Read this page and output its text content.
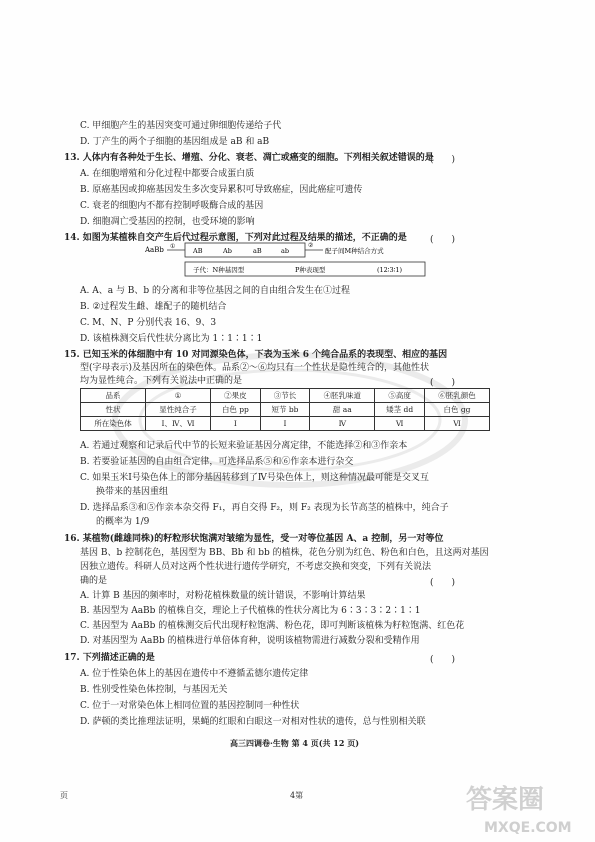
C. 甲细胞产生的基因突变可通过卵细胞传递给子代
D. 丁产生的两个子细胞的基因组成是 aB 和 aB
13. 人体内有各种处于生长、增殖、分化、衰老、凋亡或癌变的细胞。下列相关叙述错误的是
(　　)
A. 在细胞增殖和分化过程中都要合成蛋白质
B. 原癌基因或抑癌基因发生多次变异累积可导致癌症，因此癌症可遗传
C. 衰老的细胞内不都有控制呼吸酶合成的基因
D. 细胞凋亡受基因的控制，也受环境的影响
14. 如图为某植株自交产生后代过程示意图，下列对此过程及结果的描述，不正确的是	(　　)
AaBb ①
AB	Ab	aB	ab
②
配子间M种结合方式
子代：N种基因型	P种表现型	(12∶3∶1)
A. A、a 与 B、b 的分离和非等位基因之间的自由组合发生在①过程
B. ②过程发生雌、雄配子的随机结合
C. M、N、P 分别代表 16、9、3
D. 该植株测交后代性状分离比为 1∶1∶1∶1
15. 已知玉米的体细胞中有 10 对同源染色体，下表为玉米 6 个纯合品系的表现型、相应的基因
型(字母表示)及基因所在的染色体。品系②～⑥均只有一个性状是隐性纯合的，其他性状
均为显性纯合。下列有关说法中正确的是	(　　)
品系	①	②果皮	③节长	④胚乳味道	⑤高度	⑥胚乳颜色
性状	显性纯合子	白色 pp	短节 bb	甜 aa	矮茎 dd	白色 gg
所在染色体	Ⅰ、Ⅳ、Ⅵ	Ⅰ	Ⅰ	Ⅳ	Ⅵ	Ⅵ
A. 若通过观察和记录后代中节的长短来验证基因分离定律，不能选择②和③作亲本
B. 若要验证基因的自由组合定律，可选择品系⑤和⑥作亲本进行杂交
C. 如果玉米Ⅰ号染色体上的部分基因转移到了Ⅳ号染色体上，则这种情况最可能是交叉互
换带来的基因重组
D. 选择品系③和⑤作亲本杂交得 F₁，再自交得 F₂，则 F₂ 表现为长节高茎的植株中，纯合子
的概率为 1/9
16. 某植物(雌雄同株)的籽粒形状饱满对皱缩为显性，受一对等位基因 A、a 控制，另一对等位
基因 B、b 控制花色，基因型为 BB、Bb 和 bb 的植株，花色分别为红色、粉色和白色，且这两对基因
因独立遗传。科研人员对这两个性状进行遗传学研究，不考虑交换和突变，下列有关说法
确的是	(　　)
A. 计算 B 基因的频率时，对粉花植株数量的统计错误，不影响计算结果
B. 基因型为 AaBb 的植株自交，理论上子代植株的性状分离比为 6∶3∶3∶2∶1∶1
C. 基因型为 AaBb 的植株测交后代出现籽粒饱满、粉色花，即可判断该植株为籽粒饱满、红色花
D. 对基因型为 AaBb 的植株进行单倍体育种，说明该植物需进行减数分裂和受精作用
17. 下列描述正确的是	(　　)
A. 位于性染色体上的基因在遗传中不遵循孟德尔遗传定律
B. 性别受性染色体控制，与基因无关
C. 位于一对常染色体上相同位置的基因控制同一种性状
D. 萨顿的类比推理法证明，果蝇的红眼和白眼这一对相对性状的遗传，总与性别相关联
高三四调卷·生物 第 4 页(共 12 页)
页	4第	答案圈
MXQE.COM
